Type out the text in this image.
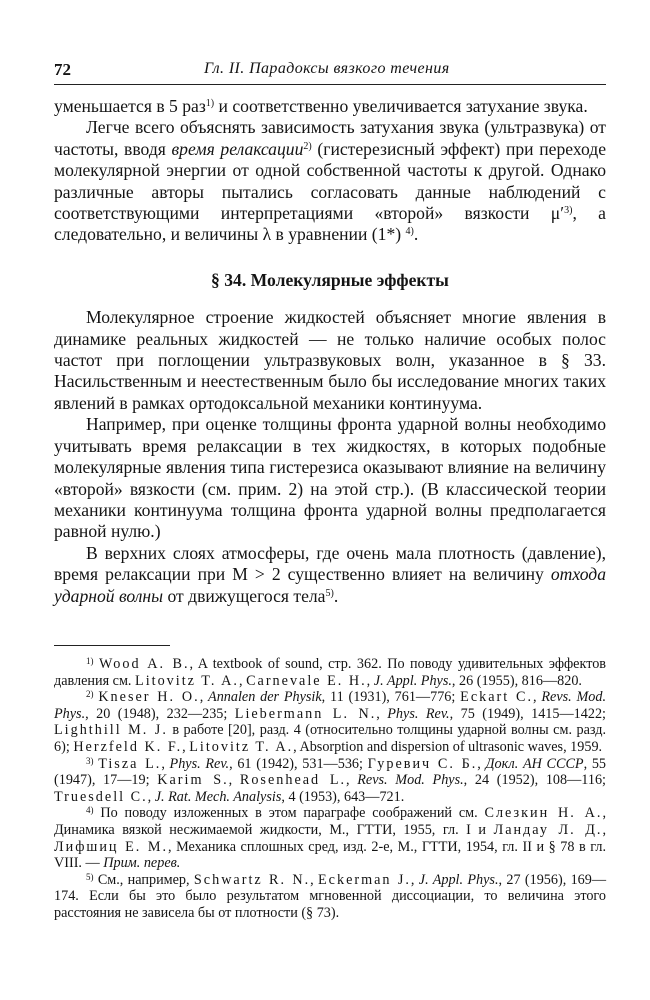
72	Гл. II. Парадоксы вязкого течения

уменьшается в 5 раз$^{1)}$ и соответственно увеличивается затухание звука.

Легче всего объяснять зависимость затухания звука (ультразвука) от частоты, вводя время релаксации$^{2)}$ (гистерезисный эффект) при переходе молекулярной энергии от одной собственной частоты к другой. Однако различные авторы пытались согласовать данные наблюдений с соответствующими интерпретациями «второй» вязкости $\mu'^{3)}$, а следовательно, и величины λ в уравнении (1*) $^{4)}$.

§ 34. Молекулярные эффекты

Молекулярное строение жидкостей объясняет многие явления в динамике реальных жидкостей — не только наличие особых полос частот при поглощении ультразвуковых волн, указанное в § 33. Насильственным и неестественным было бы исследование многих таких явлений в рамках ортодоксальной механики континуума.

Например, при оценке толщины фронта ударной волны необходимо учитывать время релаксации в тех жидкостях, в которых подобные молекулярные явления типа гистерезиса оказывают влияние на величину «второй» вязкости (см. прим. 2) на этой стр.). (В классической теории механики континуума толщина фронта ударной волны предполагается равной нулю.)

В верхних слоях атмосферы, где очень мала плотность (давление), время релаксации при M > 2 существенно влияет на величину отхода ударной волны от движущегося тела$^{5)}$.

$^{1)}$ Wood A. B., A textbook of sound, стр. 362. По поводу удивительных эффектов давления см. Litovitz T. A., Carnevale E. H., J. Appl. Phys., 26 (1955), 816—820.

$^{2)}$ Kneser H. O., Annalen der Physik, 11 (1931), 761—776; Eckart C., Revs. Mod. Phys., 20 (1948), 232—235; Liebermann L. N., Phys. Rev., 75 (1949), 1415—1422; Lighthill M. J. в работе [20], разд. 4 (относительно толщины ударной волны см. разд. 6); Herzfeld K. F., Litovitz T. A., Absorption and dispersion of ultrasonic waves, 1959.

$^{3)}$ Tisza L., Phys. Rev., 61 (1942), 531—536; Гуревич С. Б., Докл. АН СССР, 55 (1947), 17—19; Karim S., Rosenhead L., Revs. Mod. Phys., 24 (1952), 108—116; Truesdell C., J. Rat. Mech. Analysis, 4 (1953), 643—721.

$^{4)}$ По поводу изложенных в этом параграфе соображений см. Слезкин Н. А., Динамика вязкой несжимаемой жидкости, М., ГТТИ, 1955, гл. I и Ландау Л. Д., Лифшиц Е. М., Механика сплошных сред, изд. 2-е, М., ГТТИ, 1954, гл. II и § 78 в гл. VIII. — Прим. перев.

$^{5)}$ См., например, Schwartz R. N., Eckerman J., J. Appl. Phys., 27 (1956), 169—174. Если бы это было результатом мгновенной диссоциации, то величина этого расстояния не зависела бы от плотности (§ 73).
